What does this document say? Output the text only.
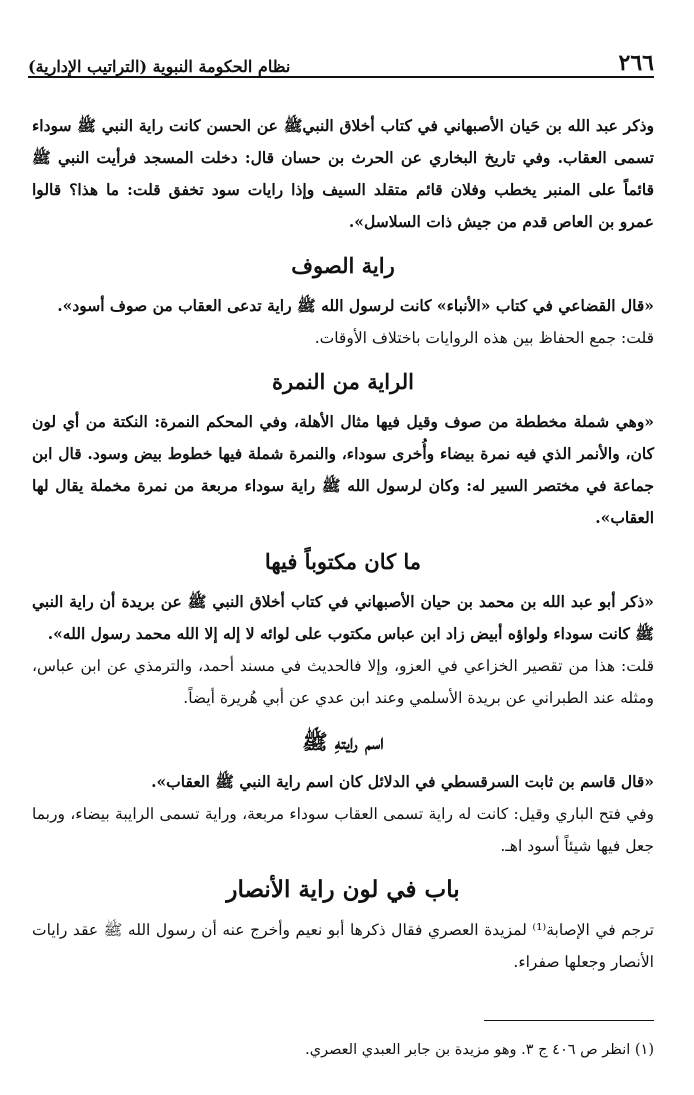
٢٦٦
نظام الحكومة النبوية (التراتيب الإدارية)

وذكر عبد الله بن حَيان الأصبهاني في كتاب أخلاق النبيﷺ عن الحسن كانت راية النبي ﷺ سوداء تسمى العقاب. وفي تاريخ البخاري عن الحرث بن حسان قال: دخلت المسجد فرأيت النبي ﷺ قائماً على المنبر يخطب وفلان قائم متقلد السيف وإذا رايات سود تخفق قلت: ما هذا؟ قالوا عمرو بن العاص قدم من جيش ذات السلاسل».

راية الصوف

«قال القضاعي في كتاب «الأنباء» كانت لرسول الله ﷺ راية تدعى العقاب من صوف أسود».

قلت: جمع الحفاظ بين هذه الروايات باختلاف الأوقات.

الراية من النمرة

«وهي شملة مخططة من صوف وقيل فيها مثال الأهلة، وفي المحكم النمرة: النكتة من أي لون كان، والأنمر الذي فيه نمرة بيضاء وأُخرى سوداء، والنمرة شملة فيها خطوط بيض وسود. قال ابن جماعة في مختصر السير له: وكان لرسول الله ﷺ راية سوداء مربعة من نمرة مخملة يقال لها العقاب».

ما كان مكتوباً فيها

«ذكر أبو عبد الله بن محمد بن حيان الأصبهاني في كتاب أخلاق النبي ﷺ عن بريدة أن راية النبي ﷺ كانت سوداء ولواؤه أبيض زاد ابن عباس مكتوب على لوائه لا إله إلا الله محمد رسول الله».

قلت: هذا من تقصير الخزاعي في العزو، وإلا فالحديث في مسند أحمد، والترمذي عن ابن عباس، ومثله عند الطبراني عن بريدة الأسلمي وعند ابن عدي عن أبي هُريرة أيضاً.

اسم رايتهِ ﷺ

«قال قاسم بن ثابت السرقسطي في الدلائل كان اسم راية النبي ﷺ العقاب».

وفي فتح الباري وقيل: كانت له راية تسمى العقاب سوداء مربعة، وراية تسمى الرايبة بيضاء، وربما جعل فيها شيئاً أسود اهـ.

باب في لون راية الأنصار

ترجم في الإصابة⁽¹⁾ لمزيدة العصري فقال ذكرها أبو نعيم وأخرج عنه أن رسول الله ﷺ عقد رايات الأنصار وجعلها صفراء.

(١) انظر ص ٤٠٦ ج ٣. وهو مزيدة بن جابر العبدي العصري.
